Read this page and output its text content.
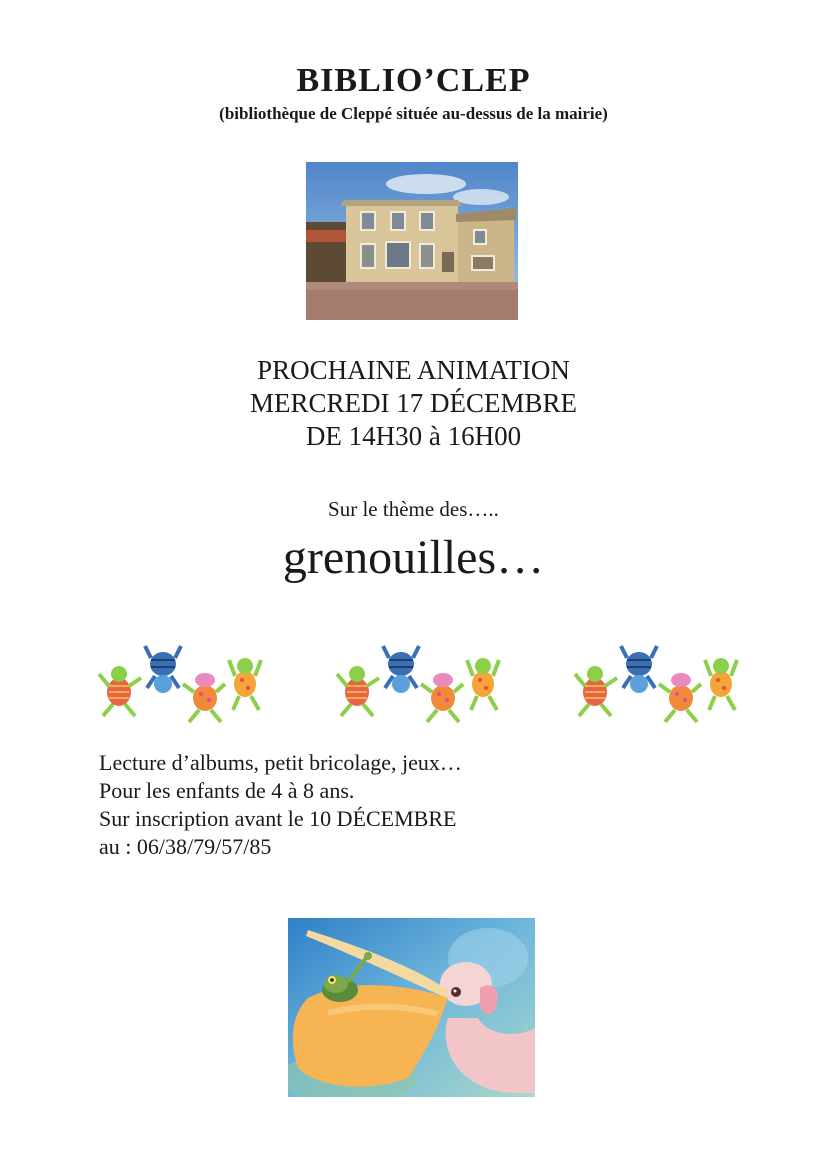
BIBLIO’CLEP
(bibliothèque de Cleppé située au-dessus de la mairie)
PROCHAINE ANIMATION
MERCREDI 17 DÉCEMBRE
DE 14H30 à 16H00
Sur le thème des…..
grenouilles…
Lecture d’albums, petit bricolage, jeux…
Pour les enfants de 4 à 8 ans.
Sur inscription avant le 10 DÉCEMBRE
au : 06/38/79/57/85
